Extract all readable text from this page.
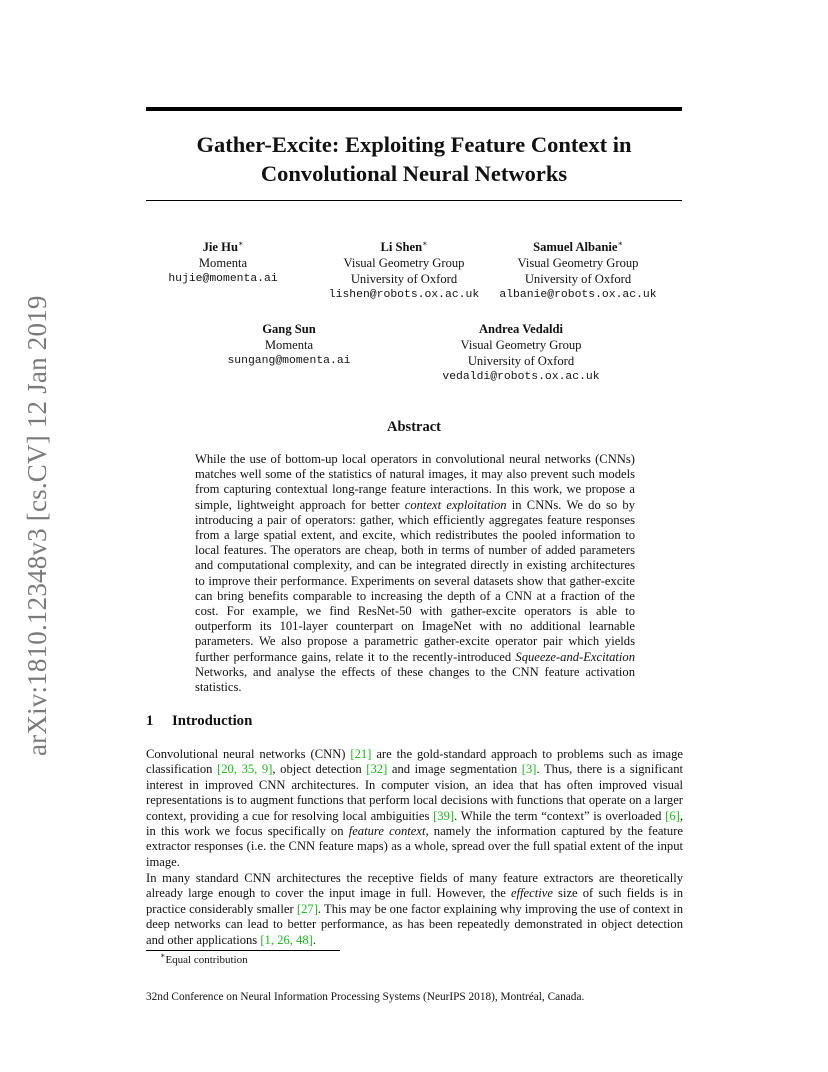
arXiv:1810.12348v3 [cs.CV] 12 Jan 2019
Gather-Excite: Exploiting Feature Context in
Convolutional Neural Networks
Jie Hu∗
Momenta
hujie@momenta.ai
Li Shen∗
Visual Geometry Group
University of Oxford
lishen@robots.ox.ac.uk
Samuel Albanie∗
Visual Geometry Group
University of Oxford
albanie@robots.ox.ac.uk
Gang Sun
Momenta
sungang@momenta.ai
Andrea Vedaldi
Visual Geometry Group
University of Oxford
vedaldi@robots.ox.ac.uk
Abstract
While the use of bottom-up local operators in convolutional neural networks (CNNs) matches well some of the statistics of natural images, it may also prevent such models from capturing contextual long-range feature interactions. In this work, we propose a simple, lightweight approach for better context exploitation in CNNs. We do so by introducing a pair of operators: gather, which efficiently aggregates feature responses from a large spatial extent, and excite, which redistributes the pooled information to local features. The operators are cheap, both in terms of number of added parameters and computational complexity, and can be integrated directly in existing architectures to improve their performance. Experiments on several datasets show that gather-excite can bring benefits comparable to increasing the depth of a CNN at a fraction of the cost. For example, we find ResNet-50 with gather-excite operators is able to outperform its 101-layer counterpart on ImageNet with no additional learnable parameters. We also propose a parametric gather-excite operator pair which yields further performance gains, relate it to the recently-introduced Squeeze-and-Excitation Networks, and analyse the effects of these changes to the CNN feature activation statistics.
1 Introduction
Convolutional neural networks (CNN) [21] are the gold-standard approach to problems such as image classification [20, 35, 9], object detection [32] and image segmentation [3]. Thus, there is a significant interest in improved CNN architectures. In computer vision, an idea that has often improved visual representations is to augment functions that perform local decisions with functions that operate on a larger context, providing a cue for resolving local ambiguities [39]. While the term “context” is overloaded [6], in this work we focus specifically on feature context, namely the information captured by the feature extractor responses (i.e. the CNN feature maps) as a whole, spread over the full spatial extent of the input image.
In many standard CNN architectures the receptive fields of many feature extractors are theoretically already large enough to cover the input image in full. However, the effective size of such fields is in practice considerably smaller [27]. This may be one factor explaining why improving the use of context in deep networks can lead to better performance, as has been repeatedly demonstrated in object detection and other applications [1, 26, 48].
∗Equal contribution
32nd Conference on Neural Information Processing Systems (NeurIPS 2018), Montréal, Canada.
